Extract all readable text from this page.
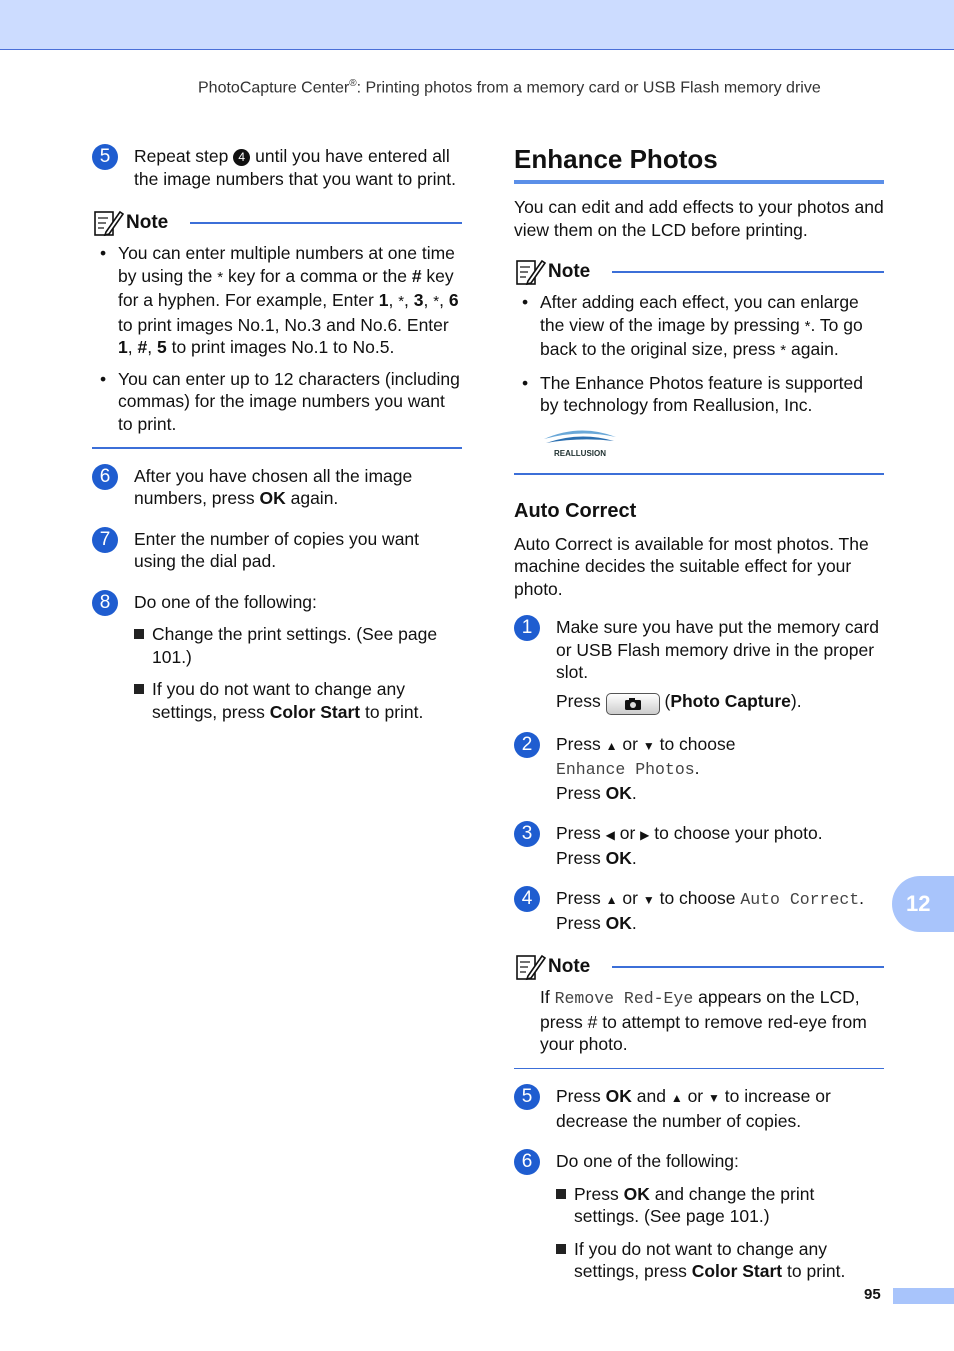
PhotoCapture Center®: Printing photos from a memory card or USB Flash memory drive
5	Repeat step 4 until you have entered all the image numbers that you want to print.
Note
• You can enter multiple numbers at one time by using the * key for a comma or the # key for a hyphen. For example, Enter 1, *, 3, *, 6 to print images No.1, No.3 and No.6. Enter 1, #, 5 to print images No.1 to No.5.
• You can enter up to 12 characters (including commas) for the image numbers you want to print.
6	After you have chosen all the image numbers, press OK again.
7	Enter the number of copies you want using the dial pad.
8	Do one of the following:
Change the print settings. (See page 101.)
If you do not want to change any settings, press Color Start to print.
Enhance Photos

You can edit and add effects to your photos and view them on the LCD before printing.

Note
• After adding each effect, you can enlarge the view of the image by pressing *. To go back to the original size, press * again.
• The Enhance Photos feature is supported by technology from Reallusion, Inc.
REALLUSION
Auto Correct

Auto Correct is available for most photos. The machine decides the suitable effect for your photo.

1	Make sure you have put the memory card or USB Flash memory drive in the proper slot.
Press	(Photo Capture).
2	Press ▲ or ▼ to choose
Enhance Photos.
Press OK.
3	Press ◀ or ▶ to choose your photo.
Press OK.
4	Press ▲ or ▼ to choose Auto Correct.
Press OK.
Note
If Remove Red-Eye appears on the LCD, press # to attempt to remove red-eye from your photo.
5	Press OK and ▲ or ▼ to increase or decrease the number of copies.
6	Do one of the following:
Press OK and change the print settings. (See page 101.)
If you do not want to change any settings, press Color Start to print.
12
95
